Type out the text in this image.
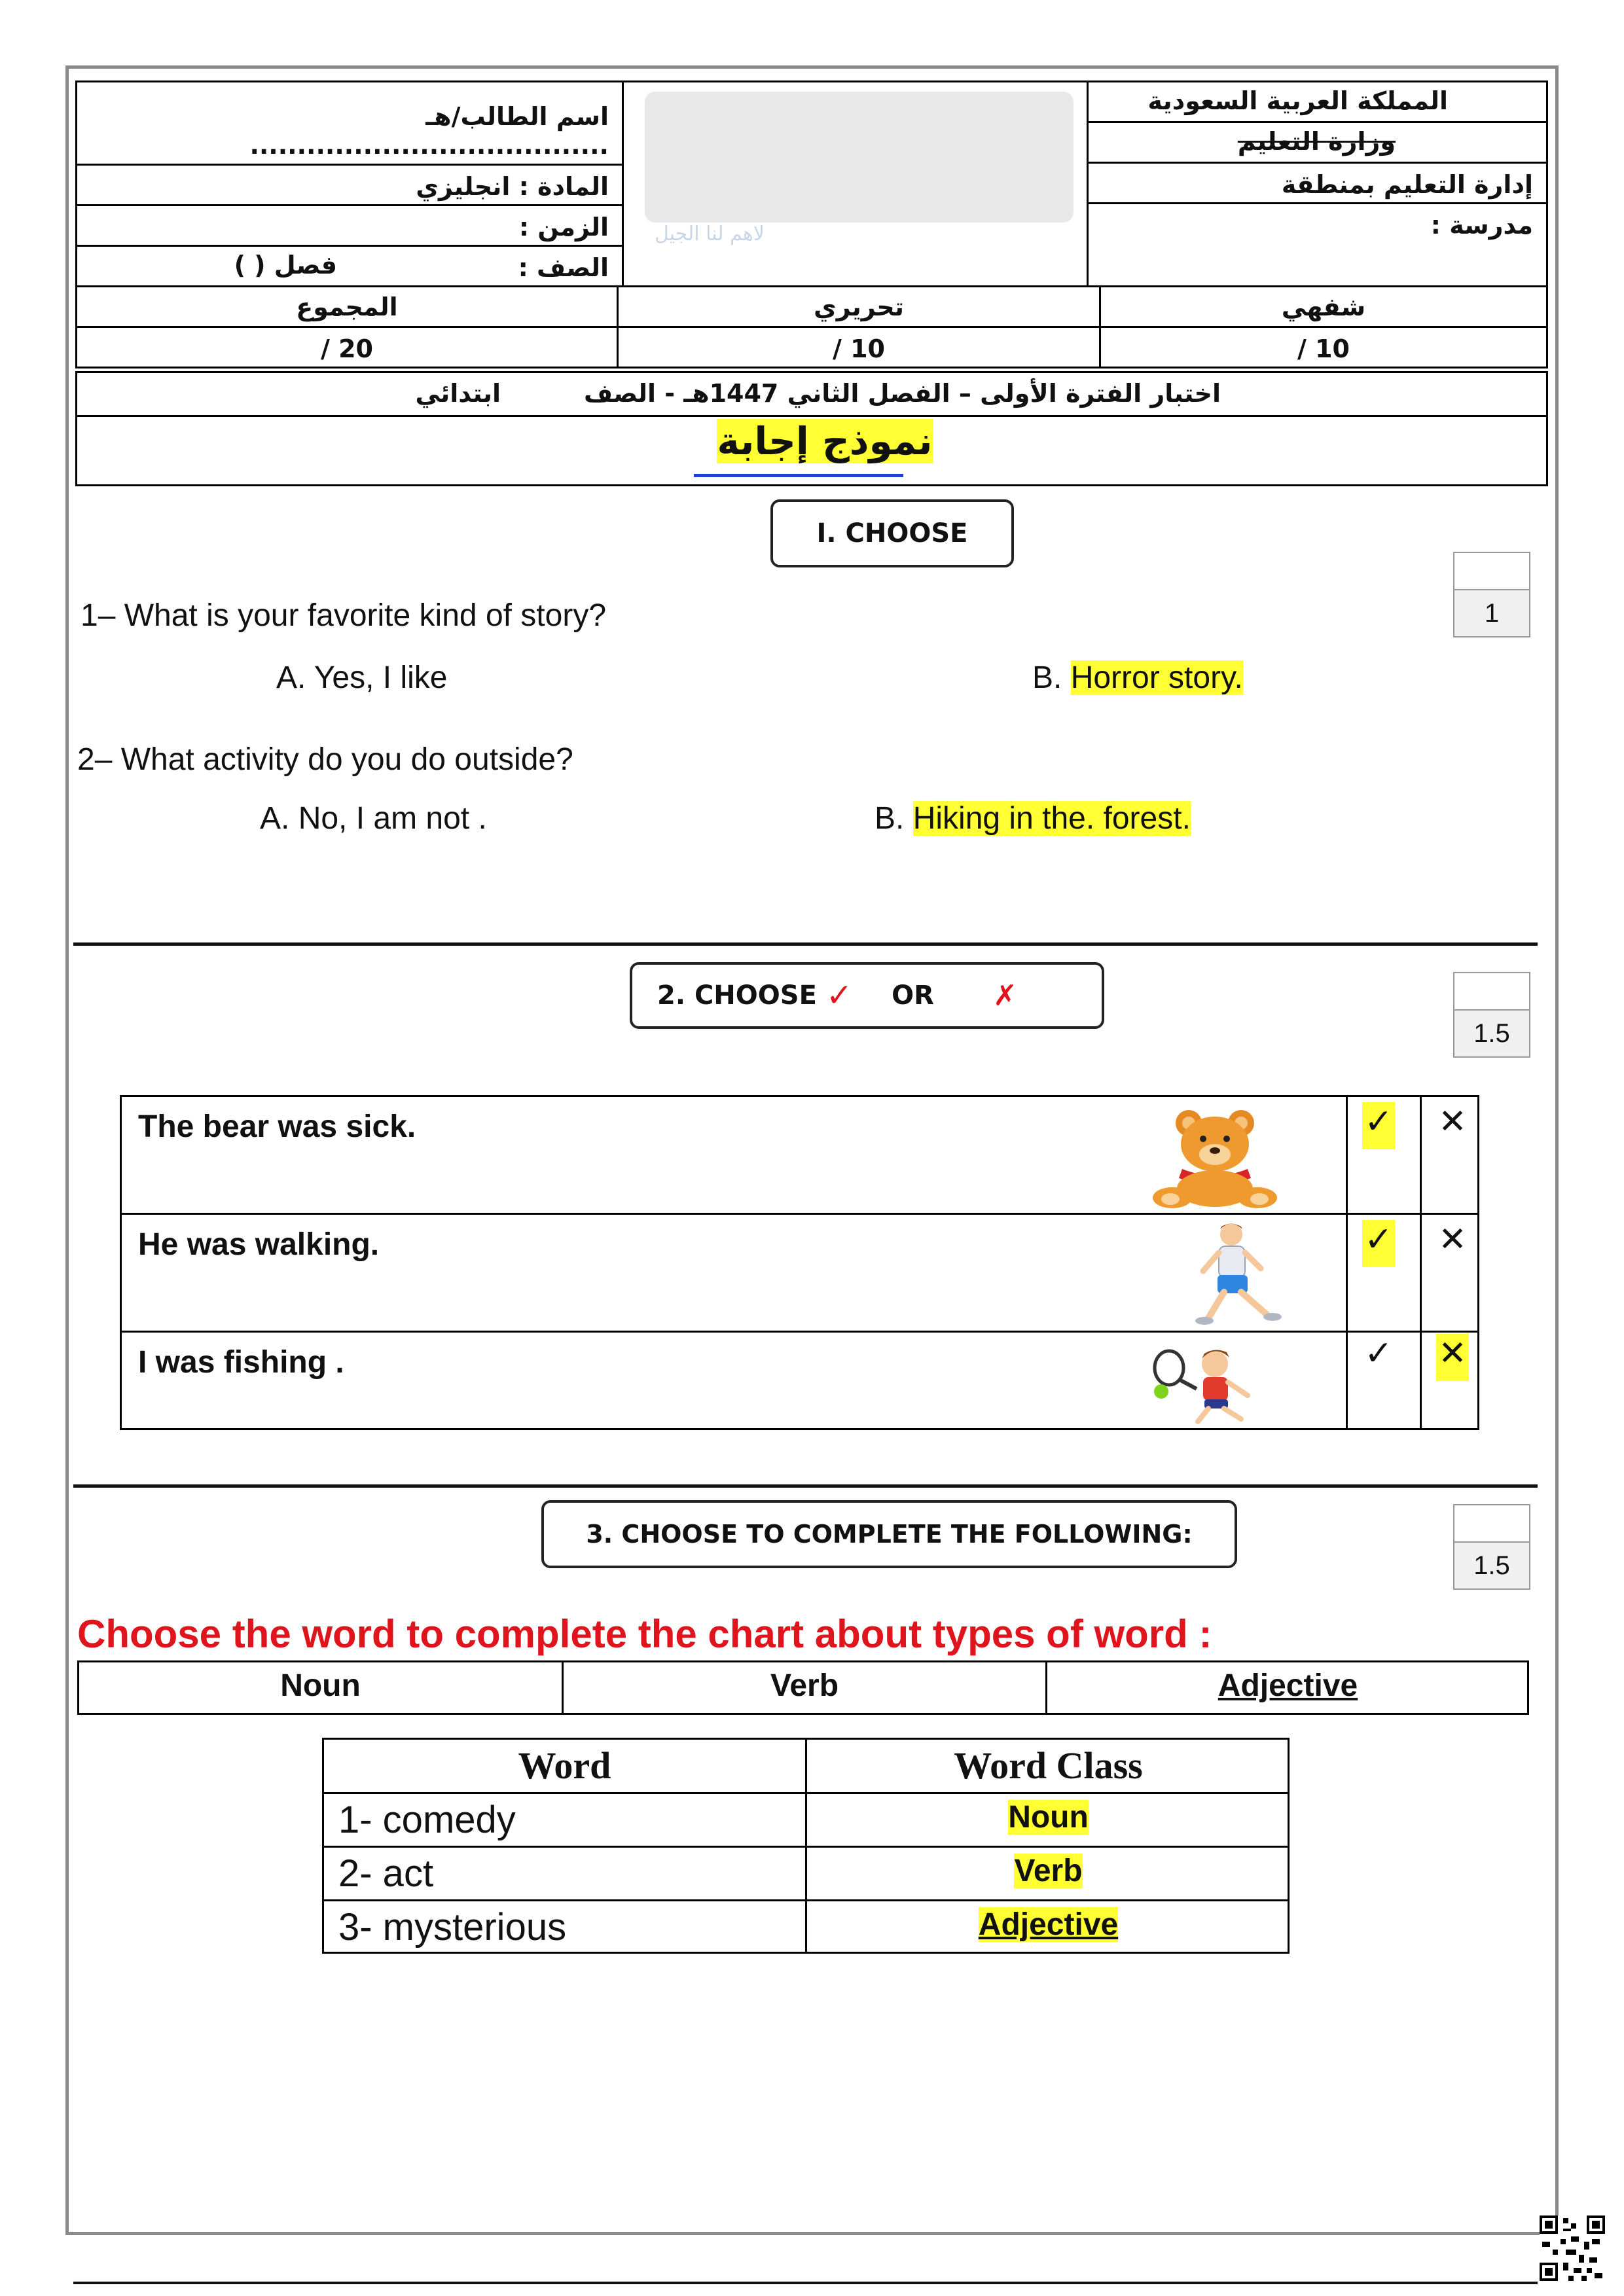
المملكة العربية السعودية
وزارة التعليم
إدارة التعليم بمنطقة
مدرسة :
اسم الطالب/هـ ......................................
المادة : انجليزي
الزمن :
الصف :
فصل ( )
المجموع	تحريري	شفهي
/ 20	/ 10	/ 10
اختبار الفترة الأولى – الفصل الثاني 1447هـ - الصف
ابتدائي
ﻻﻫﻢ ﻟﻨﺎ ﺍﻟﺠﻴﻞ
نموذج إجابة
I. CHOOSE
1
1– What is your favorite kind of story?
A. Yes, I like	B. Horror story.
2– What activity do you do outside?
A. No, I am not .	B. Hiking in the. forest.
2. CHOOSE ✓ OR ✗
1.5
The bear was sick.	✓ ✕
He was walking.	✓ ✕
I was fishing .	✓ ✕
3. CHOOSE TO COMPLETE THE FOLLOWING:
1.5
Choose the word to complete the chart about types of word :
Noun	Verb	Adjective
Word	Word Class
1- comedy	Noun
2- act	Verb
3- mysterious	Adjective
